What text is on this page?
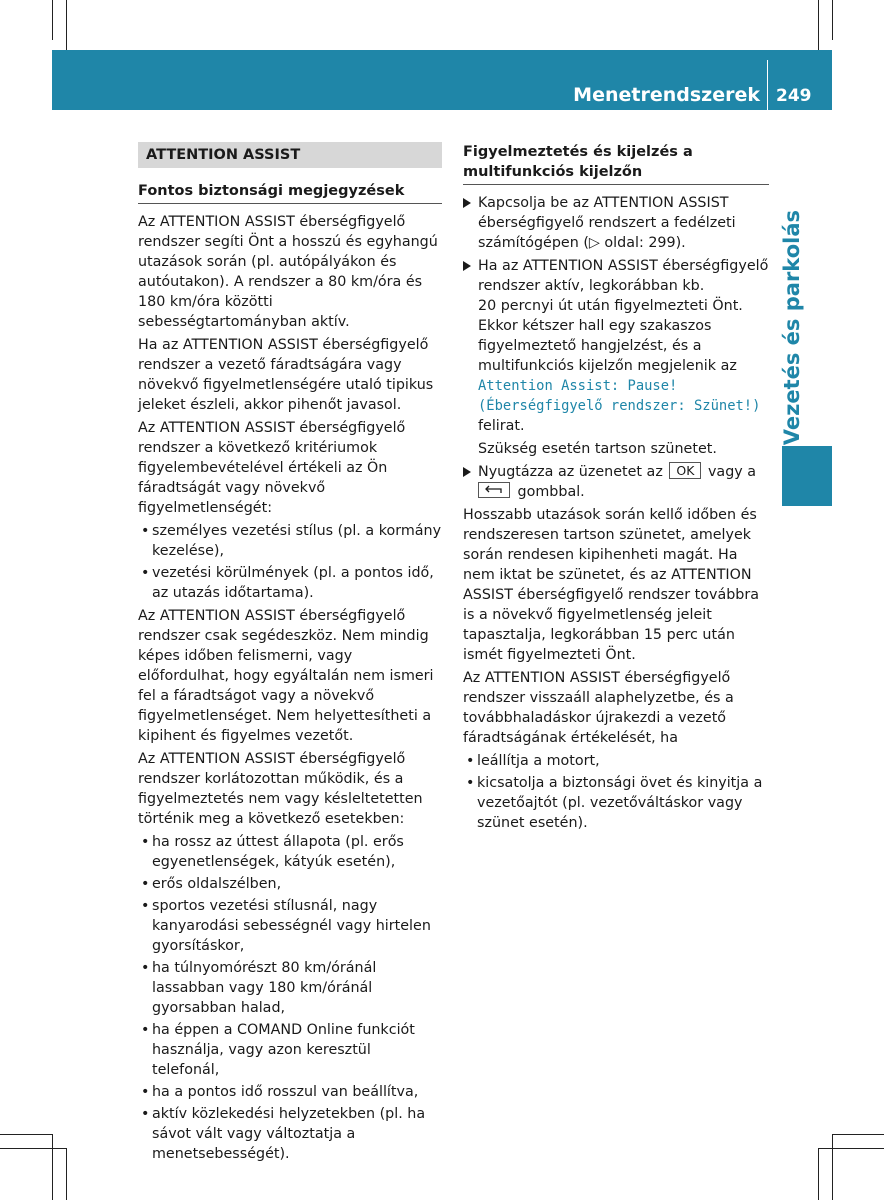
Menetrendszerek 249
Vezetés és parkolás
ATTENTION ASSIST
Fontos biztonsági megjegyzések

Az ATTENTION ASSIST éberségfigyelő rendszer segíti Önt a hosszú és egyhangú utazások során (pl. autópályákon és autóutakon). A rendszer a 80 km/óra és 180 km/óra közötti sebességtartományban aktív.

Ha az ATTENTION ASSIST éberségfigyelő rendszer a vezető fáradtságára vagy növekvő figyelmetlenségére utaló tipikus jeleket észleli, akkor pihenőt javasol.

Az ATTENTION ASSIST éberségfigyelő rendszer a következő kritériumok figyelembevételével értékeli az Ön fáradtságát vagy növekvő figyelmetlenségét:

• személyes vezetési stílus (pl. a kormány kezelése),
• vezetési körülmények (pl. a pontos idő, az utazás időtartama).

Az ATTENTION ASSIST éberségfigyelő rendszer csak segédeszköz. Nem mindig képes időben felismerni, vagy előfordulhat, hogy egyáltalán nem ismeri fel a fáradtságot vagy a növekvő figyelmetlenséget. Nem helyettesítheti a kipihent és figyelmes vezetőt.

Az ATTENTION ASSIST éberségfigyelő rendszer korlátozottan működik, és a figyelmeztetés nem vagy késleltetetten történik meg a következő esetekben:

• ha rossz az úttest állapota (pl. erős egyenetlenségek, kátyúk esetén),
• erős oldalszélben,
• sportos vezetési stílusnál, nagy kanyarodási sebességnél vagy hirtelen gyorsításkor,
• ha túlnyomórészt 80 km/óránál lassabban vagy 180 km/óránál gyorsabban halad,
• ha éppen a COMAND Online funkciót használja, vagy azon keresztül telefonál,
• ha a pontos idő rosszul van beállítva,
• aktív közlekedési helyzetekben (pl. ha sávot vált vagy változtatja a menetsebességét).
Figyelmeztetés és kijelzés a multifunkciós kijelzőn
Kapcsolja be az ATTENTION ASSIST éberségfigyelő rendszert a fedélzeti számítógépen (▷ oldal: 299).
Ha az ATTENTION ASSIST éberségfigyelő rendszer aktív, legkorábban kb.
20 percnyi út után figyelmezteti Önt. Ekkor kétszer hall egy szakaszos figyelmeztető hangjelzést, és a multifunkciós kijelzőn megjelenik az Attention Assist: Pause! (Éberségfigyelő rendszer: Szünet!) felirat.
Szükség esetén tartson szünetet.
Nyugtázza az üzenetet az OK vagy a

gombbal.

Hosszabb utazások során kellő időben és rendszeresen tartson szünetet, amelyek során rendesen kipihenheti magát. Ha nem iktat be szünetet, és az ATTENTION ASSIST éberségfigyelő rendszer továbbra is a növekvő figyelmetlenség jeleit tapasztalja, legkorábban 15 perc után ismét figyelmezteti Önt.

Az ATTENTION ASSIST éberségfigyelő rendszer visszaáll alaphelyzetbe, és a továbbhaladáskor újrakezdi a vezető fáradtságának értékelését, ha

• leállítja a motort,
• kicsatolja a biztonsági övet és kinyitja a vezetőajtót (pl. vezetőváltáskor vagy szünet esetén).
